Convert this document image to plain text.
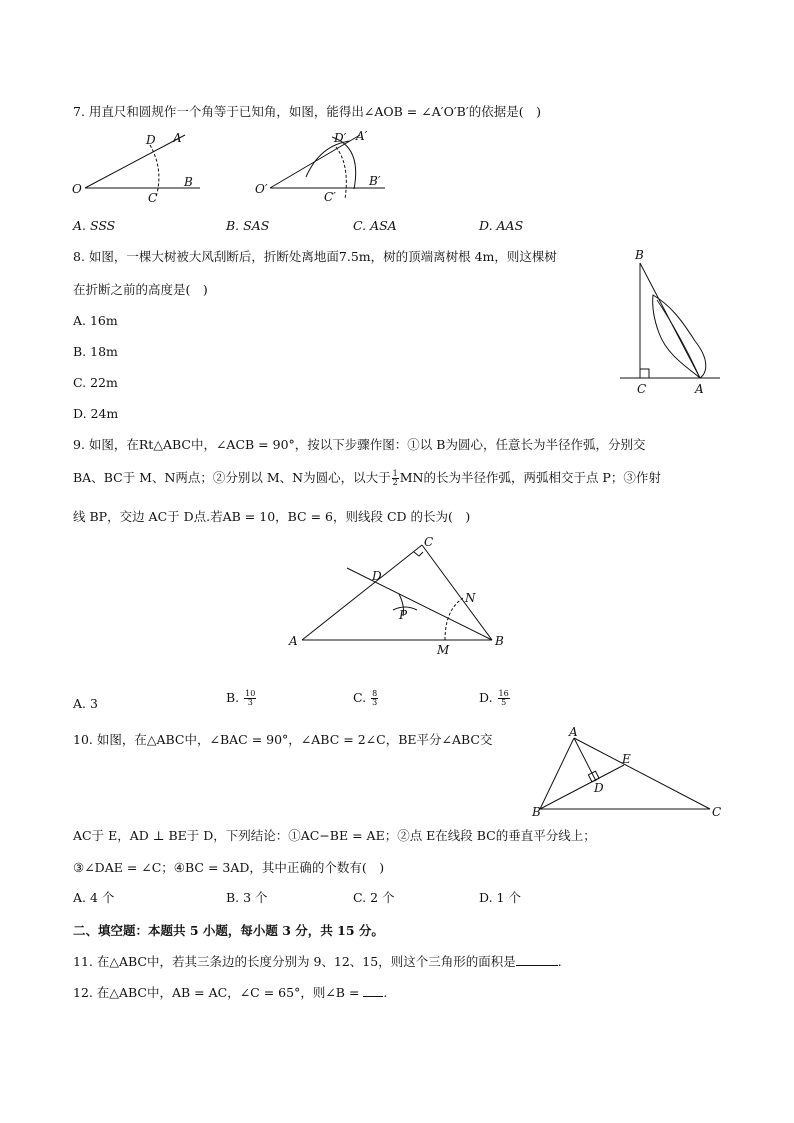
7. 用直尺和圆规作一个角等于已知角，如图，能得出∠AOB = ∠A′O′B′的依据是(　)
O
A
B
C
D
O′
A′
B′
C′
D′
A. SSS	B. SAS	C. ASA	D. AAS
8. 如图，一棵大树被大风刮断后，折断处离地面7.5m，树的顶端离树根 4m，则这棵树
在折断之前的高度是(　)
A. 16m
B. 18m
C. 22m
D. 24m
B
C	A
9. 如图，在Rt△ABC中，∠ACB = 90°，按以下步骤作图：①以 B为圆心，任意长为半径作弧，分别交
BA、BC于 M、N两点；②分别以 M、N为圆心，以大于 $\frac{1}{2}$ MN的长为半径作弧，两弧相交于点 P；③作射
线 BP，交边 AC于 D点.若AB = 10，BC = 6，则线段 CD 的长为(　)
A	B
C
D
M
N
P
A. 3	B. $\frac{10}{3}$	C. $\frac{8}{3}$	D. $\frac{16}{5}$
10. 如图，在△ABC中，∠BAC = 90°，∠ABC = 2∠C，BE平分∠ABC交	A
B	C
D
E
AC于 E，AD ⊥ BE于 D，下列结论：①AC−BE = AE；②点 E在线段 BC的垂直平分线上；
③∠DAE = ∠C；④BC = 3AD，其中正确的个数有(　)
A. 4 个	B. 3 个	C. 2 个	D. 1 个
二、填空题：本题共 5 小题，每小题 3 分，共 15 分。
11. 在△ABC中，若其三条边的长度分别为 9、12、15，则这个三角形的面积是	.
12. 在△ABC中，AB = AC，∠C = 65°，则∠B = .
